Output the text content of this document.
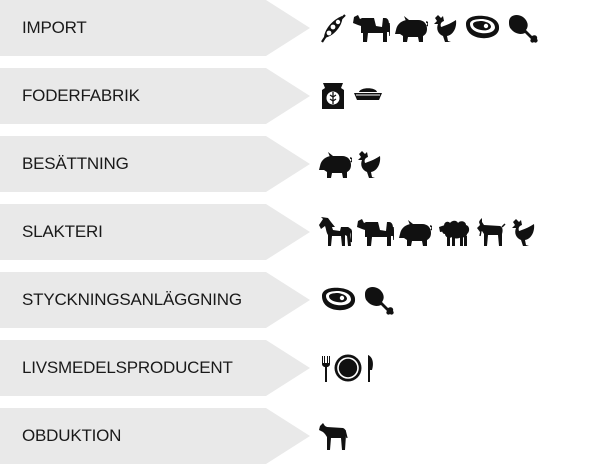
IMPORT
FODERFABRIK
BESÄTTNING
SLAKTERI
STYCKNINGSANLÄGGNING
LIVSMEDELSPRODUCENT
OBDUKTION
